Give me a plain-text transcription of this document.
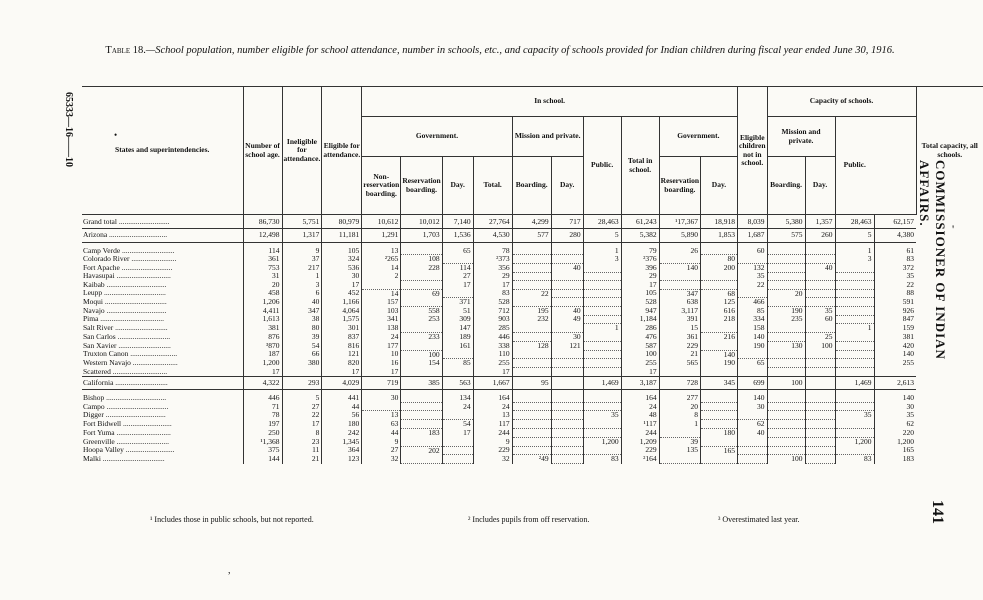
65333—16——10
COMMISSIONER OF INDIAN AFFAIRS.
141
•
'
,
Table 18.—School population, number eligible for school attendance, number in schools, etc., and capacity of schools provided for Indian children during fiscal year ended June 30, 1916.
States and superintendencies.	Number of school age.	Ineligible for attendance.	Eligible for attendance.	In school.										Eligible children not in school.	Capacity of schools.				Total capacity, all schools.
				Government.				Mission and private.		Public.	Total in school.	Government.			Mission and private.		Public.		
				Non-reservation boarding.	Reservation boarding.	Day.	Total.	Boarding.	Day.			Reservation boarding.	Day.		Boarding.	Day.			
Grand total ...........................	86,730	5,751	80,979	10,612	10,012	7,140	27,764	4,299	717	28,463	61,243	¹17,367	18,918	8,039	5,380	1,357	28,463	62,157	
Arizona ...............................	12,498	1,317	11,181	1,291	1,703	1,536	4,530	577	280	5	5,382	5,890	1,853	1,687	575	260	5	4,380	
Camp Verde ............................	114	9	105	13		65	78			1	79	26		60			1	61	
Colorado River ........................	361	37	324	²265	108		²373			3	²376		80				3	83	
Fort Apache ...........................	753	217	536	14	228	114	356		40		396	140	200	132		40		372	
Havasupai .............................	31	1	30	2		27	29				29			35				35	
Kaibab ................................	20	3	17			17	17				17			22				22	
Leupp .................................	458	6	452	14	69		83	22			105	347	68		20			88	
Moqui .................................	1,206	40	1,166	157		371	528				528	638	125	466				591	
Navajo ................................	4,411	347	4,064	103	558	51	712	195	40		947	3,117	616	85	190	35		926	
Pima ..................................	1,613	38	1,575	341	253	309	903	232	49		1,184	391	218	334	235	60		847	
Salt River ............................	381	80	301	138		147	285			1	286	15		158			1	159	
San Carlos ............................	876	39	837	24	233	189	446		30		476	361	216	140		25		381	
San Xavier ............................	³870	54	816	177		161	338	128	121		587	229		190	130	100		420	
Truxton Canon .........................	187	66	121	10	100		110				100	21	140					140	
Western Navajo ........................	1,200	380	820	16	154	85	255				255	565	190	65				255	
Scattered .............................	17		17	17			17				17								
California ............................	4,322	293	4,029	719	385	563	1,667	95		1,469	3,187	728	345	699	100		1,469	2,613	
Bishop ................................	446	5	441	30		134	164				164	277		140				140	
Campo .................................	71	27	44			24	24				24	20		30				30	
Digger ................................	78	22	56	13			13			35	48	8					35	35	
Fort Bidwell ..........................	197	17	180	63		54	117				¹117	1		62				62	
Fort Yuma .............................	250	8	242	44	183	17	244				244		180	40				220	
Greenville ............................	¹1,368	23	1,345	9			9			1,200	1,209	39					1,200	1,200	
Hoopa Valley ..........................	375	11	364	27	202		229				229	135	165					165	
Malki .................................	144	21	123	32			32	²49		83	²164				100		83	183	
¹ Includes those in public schools, but not reported.	² Includes pupils from off reservation.	³ Overestimated last year.
